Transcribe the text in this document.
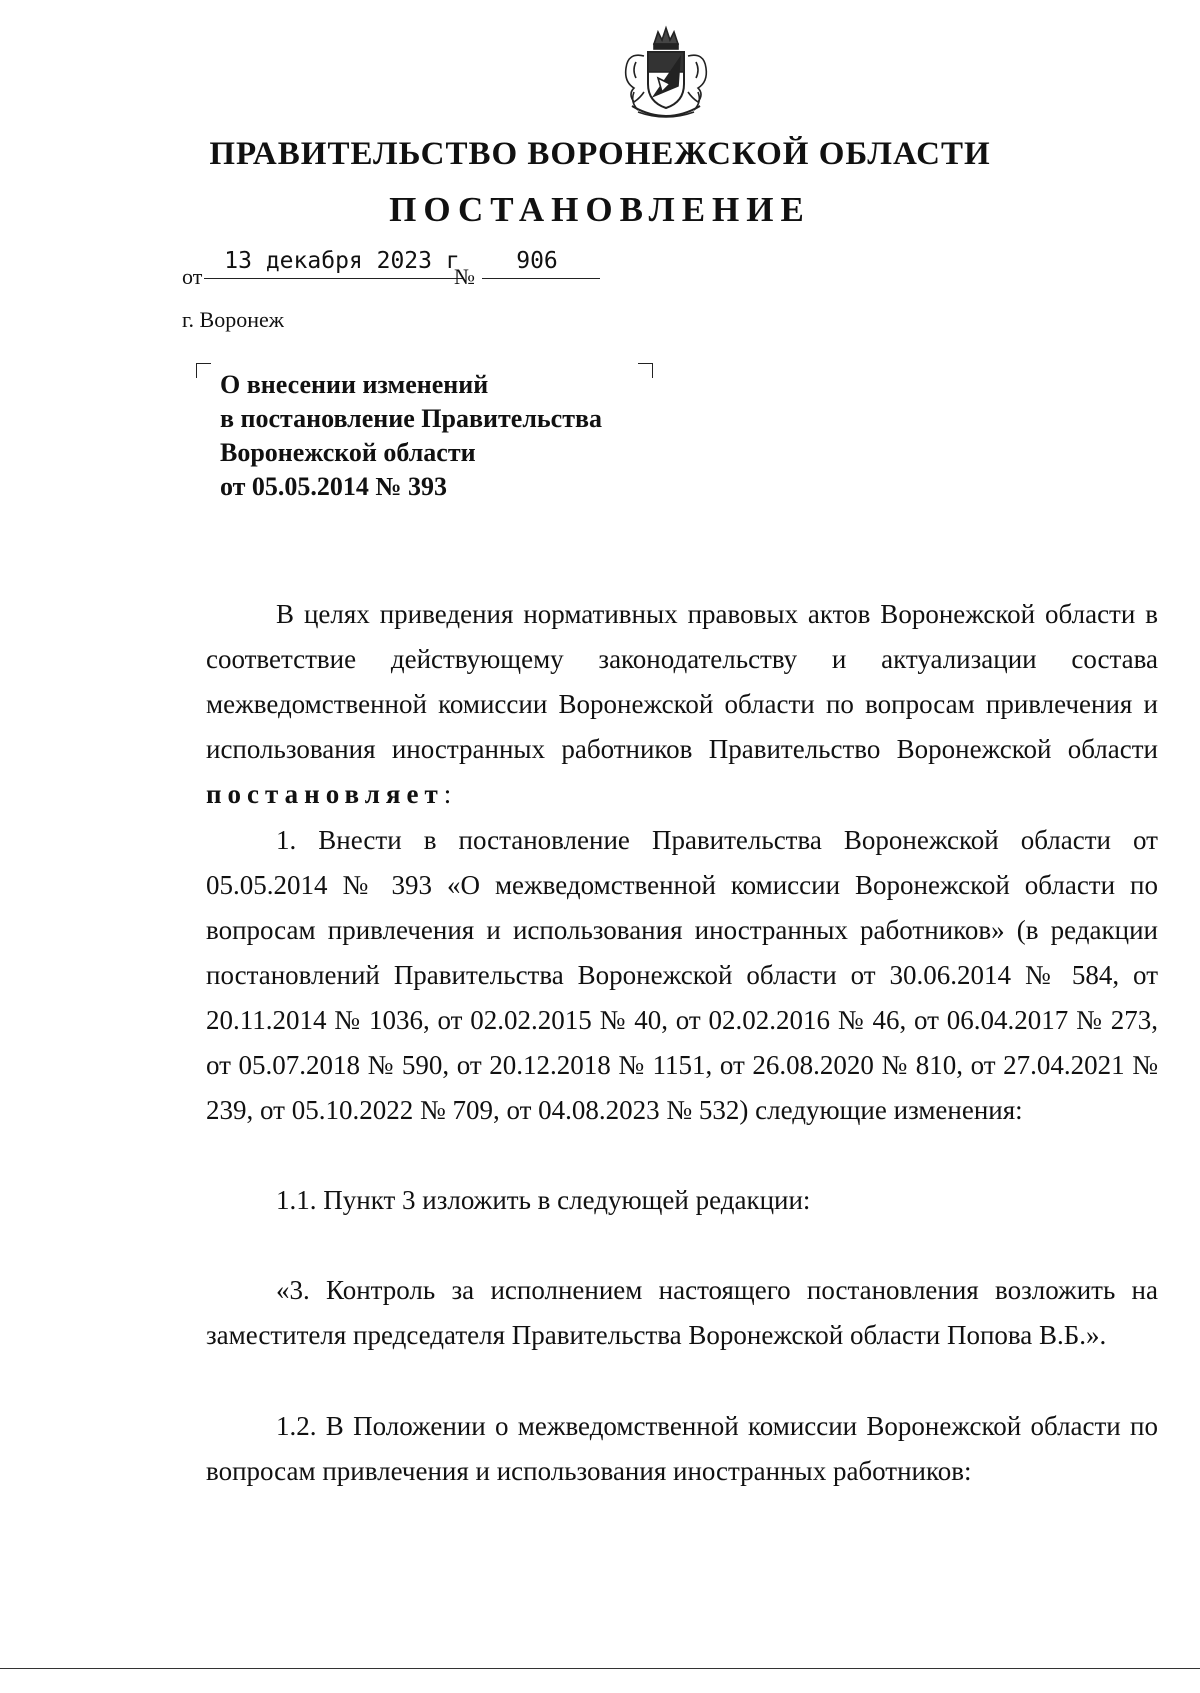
ПРАВИТЕЛЬСТВО ВОРОНЕЖСКОЙ ОБЛАСТИ
ПОСТАНОВЛЕНИЕ
от
13 декабря 2023 г
№
906
г. Воронеж
О внесении изменений
в постановление Правительства
Воронежской области
от 05.05.2014 № 393

В целях приведения нормативных правовых актов Воронежской области в соответствие действующему законодательству и актуализации состава межведомственной комиссии Воронежской области по вопросам привлечения и использования иностранных работников Правительство Воронежской области постановляет:

1. Внести в постановление Правительства Воронежской области от 05.05.2014 № 393 «О межведомственной комиссии Воронежской области по вопросам привлечения и использования иностранных работников» (в редакции постановлений Правительства Воронежской области от 30.06.2014 № 584, от 20.11.2014 № 1036, от 02.02.2015 № 40, от 02.02.2016 № 46, от 06.04.2017 № 273, от 05.07.2018 № 590, от 20.12.2018 № 1151, от 26.08.2020 № 810, от 27.04.2021 № 239, от 05.10.2022 № 709, от 04.08.2023 № 532) следующие изменения:

1.1. Пункт 3 изложить в следующей редакции:

«3. Контроль за исполнением настоящего постановления возложить на заместителя председателя Правительства Воронежской области Попова В.Б.».

1.2. В Положении о межведомственной комиссии Воронежской области по вопросам привлечения и использования иностранных работников:
